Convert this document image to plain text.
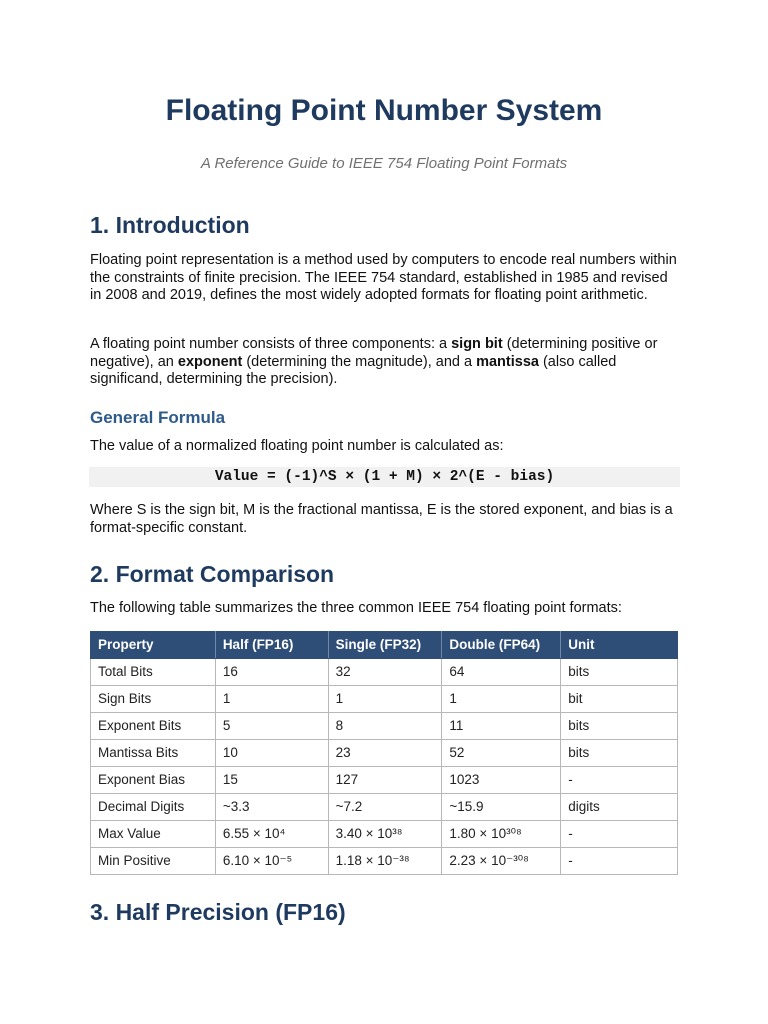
Floating Point Number System

A Reference Guide to IEEE 754 Floating Point Formats

1. Introduction

Floating point representation is a method used by computers to encode real numbers within the constraints of finite precision. The IEEE 754 standard, established in 1985 and revised in 2008 and 2019, defines the most widely adopted formats for floating point arithmetic.

A floating point number consists of three components: a sign bit (determining positive or negative), an exponent (determining the magnitude), and a mantissa (also called significand, determining the precision).

General Formula

The value of a normalized floating point number is calculated as:

Value = (-1)^S × (1 + M) × 2^(E - bias)

Where S is the sign bit, M is the fractional mantissa, E is the stored exponent, and bias is a format-specific constant.

2. Format Comparison

The following table summarizes the three common IEEE 754 floating point formats:

Property	Half (FP16)	Single (FP32)	Double (FP64)	Unit
Total Bits	16	32	64	bits
Sign Bits	1	1	1	bit
Exponent Bits	5	8	11	bits
Mantissa Bits	10	23	52	bits
Exponent Bias	15	127	1023	-
Decimal Digits	~3.3	~7.2	~15.9	digits
Max Value	6.55 × 10⁴	3.40 × 10³⁸	1.80 × 10³⁰⁸	-
Min Positive	6.10 × 10⁻⁵	1.18 × 10⁻³⁸	2.23 × 10⁻³⁰⁸	-
3. Half Precision (FP16)
